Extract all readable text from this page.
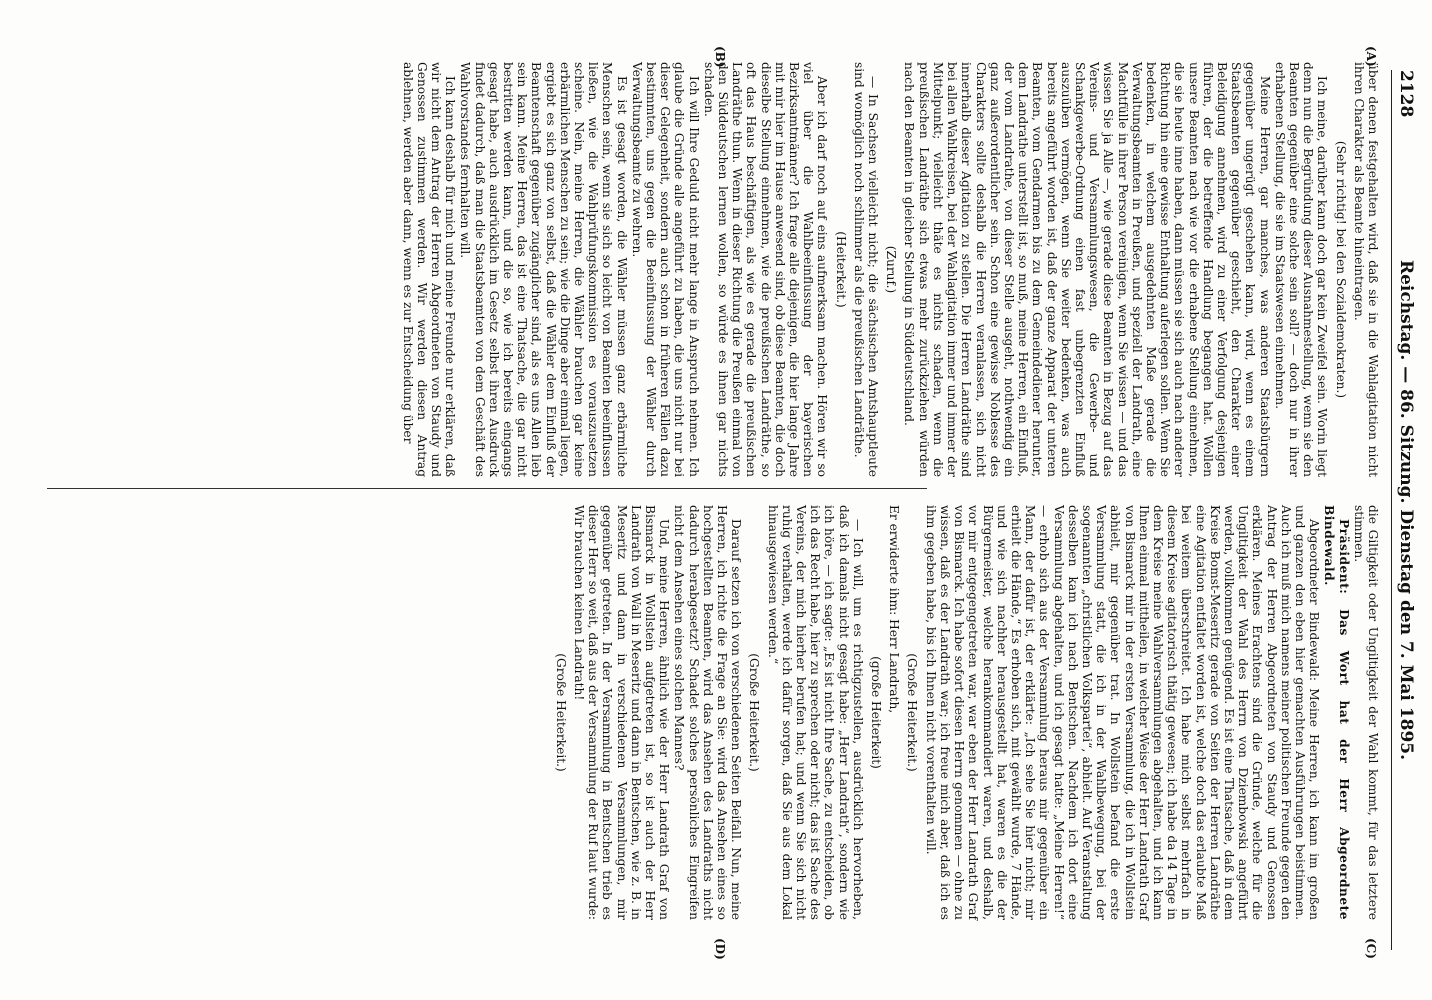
2128
Reichstag. — 86. Sitzung. Dienstag den 7. Mai 1895.
(A)
(B)
(C)
(D)

über denen festgehalten wird, daß sie in die Wahlagitation nicht ihren Charakter als Beamte hineintragen.

(Sehr richtig! bei den Sozialdemokraten.)

Ich meine, darüber kann doch gar kein Zweifel sein. Worin liegt denn nun die Begründung dieser Ausnahmestellung, wenn sie den Beamten gegenüber eine solche sein soll? — doch nur in ihrer erhabenen Stellung, die sie im Staatswesen einnehmen.

Meine Herren, gar manches, was anderen Staatsbürgern gegenüber ungerügt geschehen kann, wird, wenn es einem Staatsbeamten gegenüber geschieht, den Charakter einer Beleidigung annehmen, wird zu einer Verfolgung desjenigen führen, der die betreffende Handlung begangen hat. Wollen unsere Beamten nach wie vor die erhabene Stellung einnehmen, die sie heute inne haben, dann müssen sie sich auch nach anderer Richtung hin eine gewisse Enthaltung auferlegen sollen. Wenn Sie bedenken, in welchem ausgedehnten Maße gerade die Verwaltungsbeamten in Preußen, und speziell der Landrath, eine Machtfülle in ihrer Person vereinigen, wenn Sie wissen — und das wissen Sie ja Alle —, wie gerade diese Beamten in Bezug auf das Vereins- und Versammlungswesen, die Gewerbe- und Schankgewerbe-Ordnung einen fast unbegrenzten Einfluß auszuüben vermögen, wenn Sie weiter bedenken, was auch bereits angeführt worden ist, daß der ganze Apparat der unteren Beamten, vom Gendarmen bis zu dem Gemeindediener herunter, dem Landrathe unterstellt ist, so muß, meine Herren, ein Einfluß, der vom Landrathe, von dieser Stelle ausgeht, nothwendig ein ganz außerordentlicher sein. Schon eine gewisse Noblesse des Charakters sollte deshalb die Herren veranlassen, sich nicht innerhalb dieser Agitation zu stellen. Die Herren Landräthe sind bei allen Wahlkreisen, bei der Wahlagitation immer und immer der Mittelpunkt; vielleicht thäte es nichts schaden, wenn die preußischen Landräthe sich etwas mehr zurückziehen würden nach den Beamten in gleicher Stellung in Süddeutschland.

(Zuruf.)

— In Sachsen vielleicht nicht; die sächsischen Amtshauptleute sind womöglich noch schlimmer als die preußischen Landräthe.

(Heiterkeit.)

Aber ich darf noch auf eins aufmerksam machen. Hören wir so viel über die Wahlbeeinflussung der bayerischen Bezirksamtmänner? Ich frage alle diejenigen, die hier lange Jahre mit mir hier im Hause anwesend sind, ob diese Beamten, die doch dieselbe Stellung einnehmen, wie die preußischen Landräthe, so oft das Haus beschäftigen, als wie es gerade die preußischen Landräthe thun. Wenn in dieser Richtung die Preußen einmal von den Süddeutschen lernen wollen, so würde es ihnen gar nichts schaden.

Ich will Ihre Geduld nicht mehr lange in Anspruch nehmen. Ich glaube die Gründe alle angeführt zu haben, die uns nicht nur bei dieser Gelegenheit, sondern auch schon in früheren Fällen dazu bestimmten, uns gegen die Beeinflussung der Wähler durch Verwaltungsbeamte zu wehren.

Es ist gesagt worden, die Wähler müssen ganz erbärmliche Menschen sein, wenn sie sich so leicht von Beamten beeinflussen ließen, wie die Wahlprüfungskommission es vorauszusetzen scheine. Nein, meine Herren, die Wähler brauchen gar keine erbärmlichen Menschen zu sein; wie die Dinge aber einmal liegen, ergiebt es sich ganz von selbst, daß die Wähler dem Einfluß der Beamtenschaft gegenüber zugänglicher sind, als es uns Allen lieb sein kann. Meine Herren, das ist eine Thatsache, die gar nicht bestritten werden kann, und die so, wie ich bereits eingangs gesagt habe, auch ausdrücklich im Gesetz selbst ihren Ausdruck findet dadurch, daß man die Staatsbeamten von dem Geschäft des Wahlvorstandes fernhalten will.

Ich kann deshalb für mich und meine Freunde nur erklären, daß wir nicht dem Antrag der Herren Abgeordneten von Staudy und Genossen zustimmen werden. Wir werden diesen Antrag ablehnen, werden aber dann, wenn es zur Entscheidung über

die Giltigkeit oder Ungiltigkeit der Wahl kommt, für das letztere stimmen.

Präsident: Das Wort hat der Herr Abgeordnete Bindewald.

Abgeordneter Bindewald: Meine Herren, ich kann im großen und ganzen den eben hier gemachten Ausführungen beistimmen. Auch ich muß mich namens meiner politischen Freunde gegen den Antrag der Herren Abgeordneten von Staudy und Genossen erklären. Meines Erachtens sind die Gründe, welche für die Ungiltigkeit der Wahl des Herrn von Dziembowski angeführt werden, vollkommen genügend. Es ist eine Thatsache, daß in dem Kreise Bomst-Meseritz gerade von Seiten der Herren Landräthe eine Agitation entfaltet worden ist, welche doch das erlaubte Maß bei weitem überschreitet. Ich habe mich selbst mehrfach in diesem Kreise agitatorisch thätig gewesen; ich habe da 14 Tage in dem Kreise meine Wahlversammlungen abgehalten, und ich kann Ihnen einmal mittheilen, in welcher Weise der Herr Landrath Graf von Bismarck mir in der ersten Versammlung, die ich in Wollstein abhielt, mir gegenüber trat. In Wollstein befand die erste Versammlung statt, die ich in der Wahlbewegung, bei der sogenannten „christlichen Volkspartei“, abhielt. Auf Veranstaltung desselben kam ich nach Bentschen. Nachdem ich dort eine Versammlung abgehalten, und ich gesagt hatte: „Meine Herren!“ — erhob sich aus der Versammlung heraus mir gegenüber ein Mann, der dafür ist, der erklärte: „Ich sehe Sie hier nicht; mir erhielt die Hände,“ Es erhoben sich, mit gewählt wurde, 7 Hände, und wie sich nachher herausgestellt hat, waren es die der Bürgermeister, welche herankommandiert waren, und deshalb, vor mir entgegengetreten war, war eben der Herr Landrath Graf von Bismarck. Ich habe sofort diesen Herrn genommen — ohne zu wissen, daß es der Landrath war; ich freue mich aber, daß ich es ihm gegeben habe, bis ich Ihnen nicht vorenthalten will.

(Große Heiterkeit.)

Er erwiderte ihm: Herr Landrath,

(große Heiterkeit)

— Ich will, um es richtigzustellen, ausdrücklich hervorheben, daß ich damals nicht gesagt habe: „Herr Landrath“, sondern wie ich höre, — ich sagte: „Es ist nicht Ihre Sache, zu entscheiden, ob ich das Recht habe, hier zu sprechen oder nicht; das ist Sache des Vereins, der mich hierher berufen hat; und wenn Sie sich nicht ruhig verhalten, werde ich dafür sorgen, daß Sie aus dem Lokal hinausgewiesen werden.“

(Große Heiterkeit.)

Darauf setzen ich von verschiedenen Seiten Beifall. Nun, meine Herren, ich richte die Frage an Sie: wird das Ansehen eines so hochgestellten Beamten, wird das Ansehen des Landraths nicht dadurch herabgesetzt? Schadet solches persönliches Eingreifen nicht dem Ansehen eines solchen Mannes?

Und, meine Herren, ähnlich wie der Herr Landrath Graf von Bismarck in Wollstein aufgetreten ist, so ist auch der Herr Landrath von Wall in Meseritz und dann in Bentschen, wie z. B. in Meseritz und dann in verschiedenen Versammlungen, mir gegenüber getreten. In der Versammlung in Bentschen trieb es dieser Herr so weit, daß aus der Versammlung der Ruf laut wurde: Wir brauchen keinen Landrath!

(Große Heiterkeit.)
